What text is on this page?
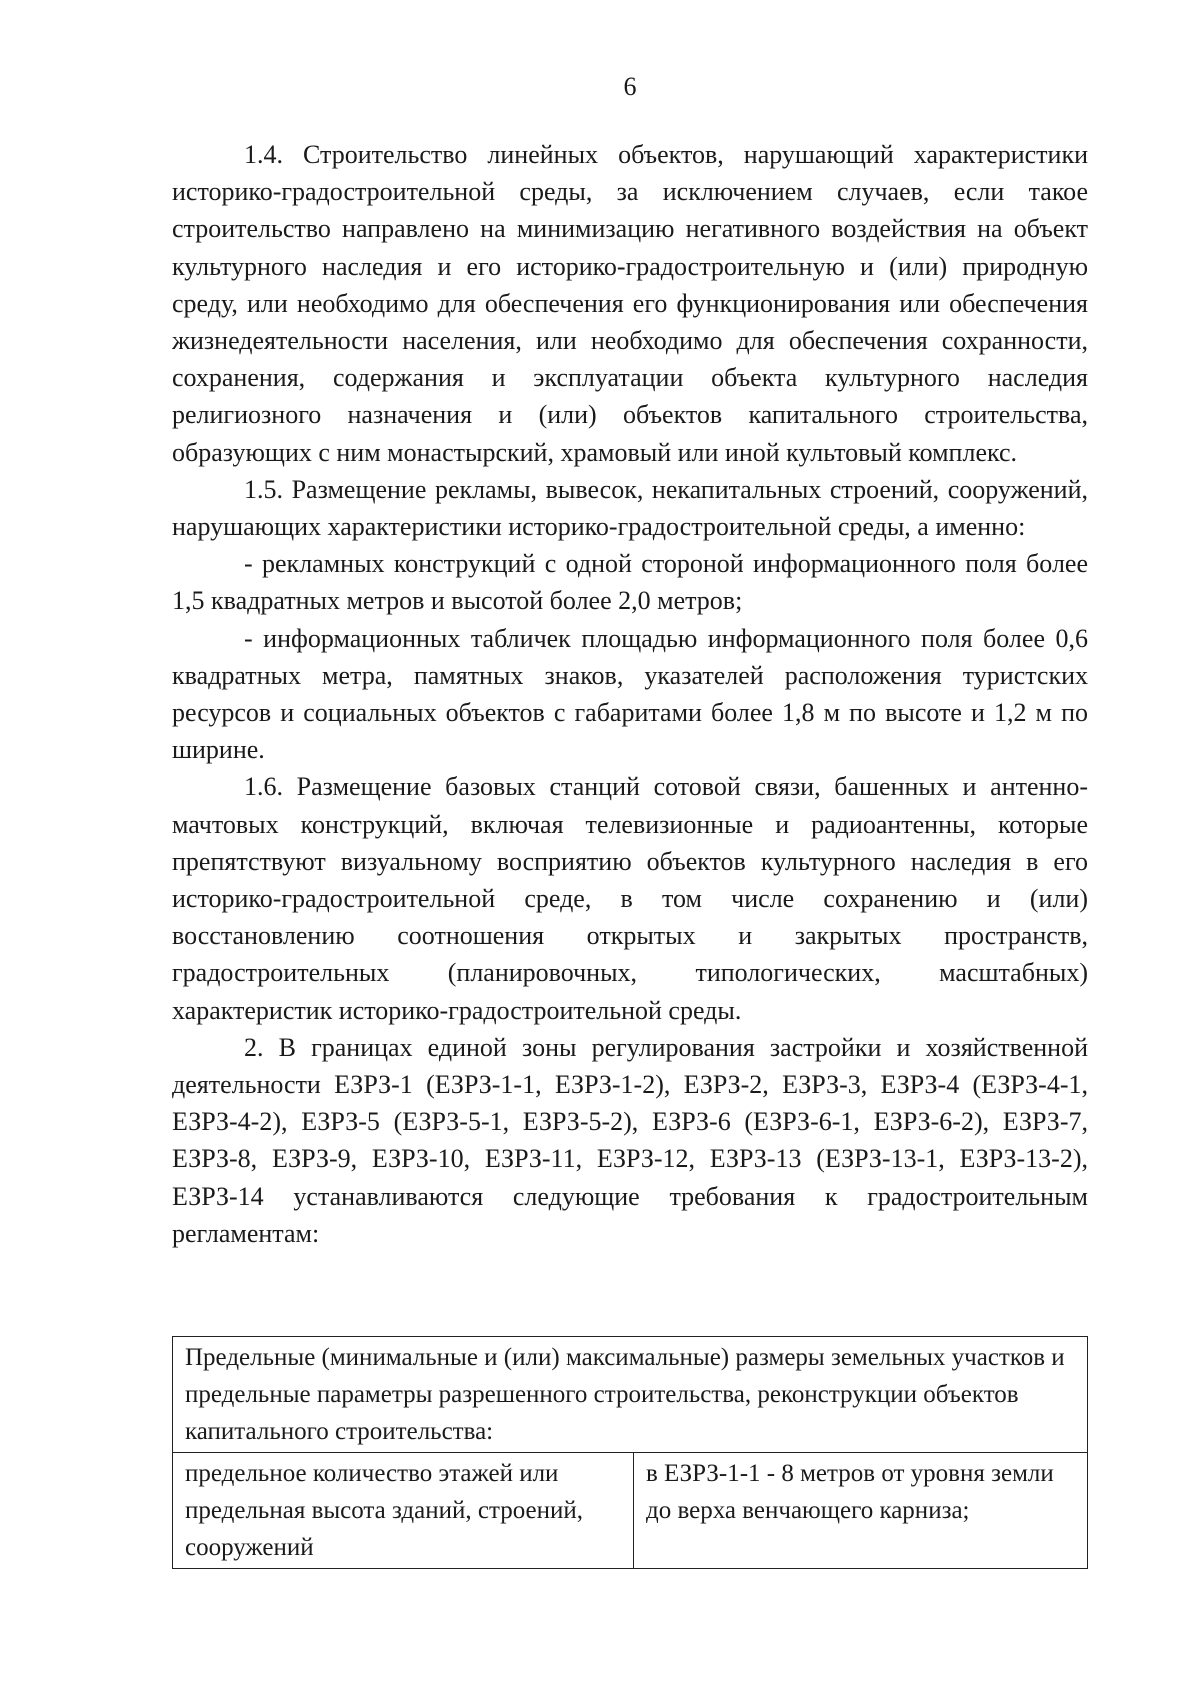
6

1.4. Строительство линейных объектов, нарушающий характеристики историко-градостроительной среды, за исключением случаев, если такое строительство направлено на минимизацию негативного воздействия на объект культурного наследия и его историко-градостроительную и (или) природную среду, или необходимо для обеспечения его функционирования или обеспечения жизнедеятельности населения, или необходимо для обеспечения сохранности, сохранения, содержания и эксплуатации объекта культурного наследия религиозного назначения и (или) объектов капитального строительства, образующих с ним монастырский, храмовый или иной культовый комплекс.

1.5. Размещение рекламы, вывесок, некапитальных строений, сооружений, нарушающих характеристики историко-градостроительной среды, а именно:

- рекламных конструкций с одной стороной информационного поля более 1,5 квадратных метров и высотой более 2,0 метров;

- информационных табличек площадью информационного поля более 0,6 квадратных метра, памятных знаков, указателей расположения туристских ресурсов и социальных объектов с габаритами более 1,8 м по высоте и 1,2 м по ширине.

1.6. Размещение базовых станций сотовой связи, башенных и антенно-мачтовых конструкций, включая телевизионные и радиоантенны, которые препятствуют визуальному восприятию объектов культурного наследия в его историко-градостроительной среде, в том числе сохранению и (или) восстановлению соотношения открытых и закрытых пространств, градостроительных (планировочных, типологических, масштабных) характеристик историко-градостроительной среды.

2. В границах единой зоны регулирования застройки и хозяйственной деятельности ЕЗРЗ-1 (ЕЗРЗ-1-1, ЕЗРЗ-1-2), ЕЗРЗ-2, ЕЗРЗ-3, ЕЗРЗ-4 (ЕЗРЗ-4-1, ЕЗРЗ-4-2), ЕЗРЗ-5 (ЕЗРЗ-5-1, ЕЗРЗ-5-2), ЕЗРЗ-6 (ЕЗРЗ-6-1, ЕЗРЗ-6-2), ЕЗРЗ-7, ЕЗРЗ-8, ЕЗРЗ-9, ЕЗРЗ-10, ЕЗРЗ-11, ЕЗРЗ-12, ЕЗРЗ-13 (ЕЗРЗ-13-1, ЕЗРЗ-13-2), ЕЗРЗ-14 устанавливаются следующие требования к градостроительным регламентам:

Предельные (минимальные и (или) максимальные) размеры земельных участков и предельные параметры разрешенного строительства, реконструкции объектов капитального строительства:
предельное количество этажей или предельная высота зданий, строений, сооружений	в ЕЗРЗ-1-1 - 8 метров от уровня земли до верха венчающего карниза;
